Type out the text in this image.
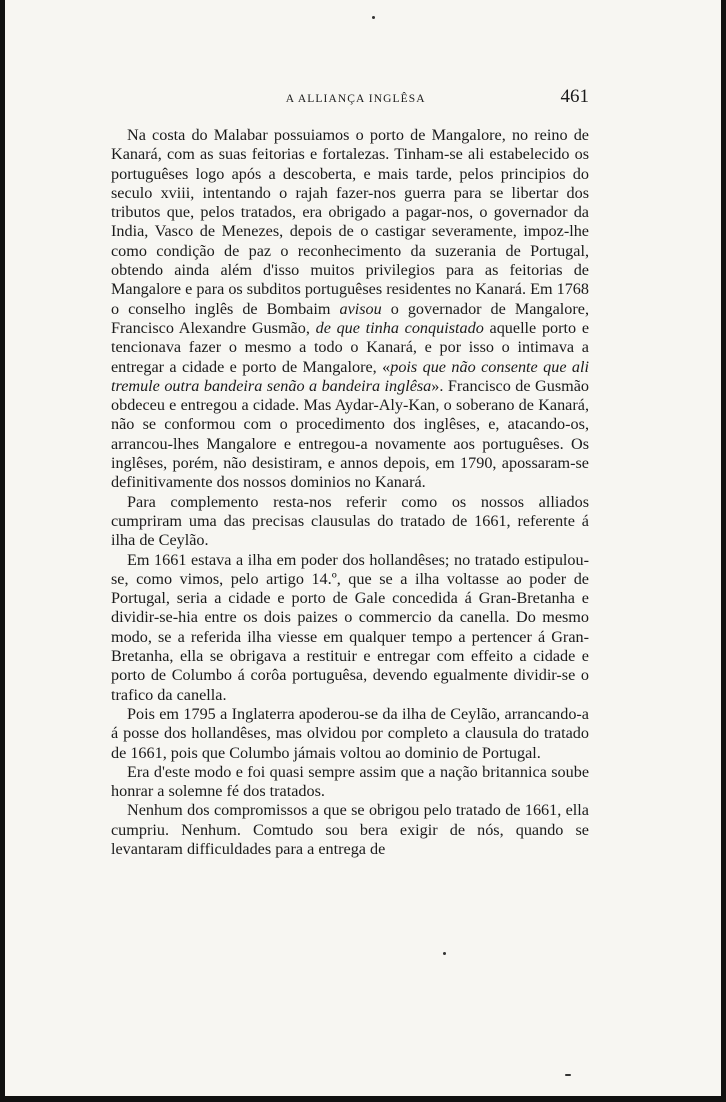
A ALLIANÇA INGLÊSA	461

Na costa do Malabar possuiamos o porto de Mangalore, no reino de Kanará, com as suas feitorias e fortalezas. Tinham-se ali estabelecido os portuguêses logo após a descoberta, e mais tarde, pelos principios do seculo xviii, intentando o rajah fazer-nos guerra para se libertar dos tributos que, pelos tratados, era obrigado a pagar-nos, o governador da India, Vasco de Menezes, depois de o castigar severamente, impoz-lhe como condição de paz o reconhecimento da suzerania de Portugal, obtendo ainda além d'isso muitos privilegios para as feitorias de Mangalore e para os subditos portuguêses residentes no Kanará. Em 1768 o conselho inglês de Bombaim avisou o governador de Mangalore, Francisco Alexandre Gusmão, de que tinha conquistado aquelle porto e tencionava fazer o mesmo a todo o Kanará, e por isso o intimava a entregar a cidade e porto de Mangalore, «pois que não consente que ali tremule outra bandeira senão a bandeira inglêsa». Francisco de Gusmão obdeceu e entregou a cidade. Mas Aydar-Aly-Kan, o soberano de Kanará, não se conformou com o procedimento dos inglêses, e, atacando-os, arrancou-lhes Mangalore e entregou-a novamente aos portuguêses. Os inglêses, porém, não desistiram, e annos depois, em 1790, apossaram-se definitivamente dos nossos dominios no Kanará.

Para complemento resta-nos referir como os nossos alliados cumpriram uma das precisas clausulas do tratado de 1661, referente á ilha de Ceylão.

Em 1661 estava a ilha em poder dos hollandêses; no tratado estipulou-se, como vimos, pelo artigo 14.º, que se a ilha voltasse ao poder de Portugal, seria a cidade e porto de Gale concedida á Gran-Bretanha e dividir-se-hia entre os dois paizes o commercio da canella. Do mesmo modo, se a referida ilha viesse em qualquer tempo a pertencer á Gran-Bretanha, ella se obrigava a restituir e entregar com effeito a cidade e porto de Columbo á corôa portuguêsa, devendo egualmente dividir-se o trafico da canella.

Pois em 1795 a Inglaterra apoderou-se da ilha de Ceylão, arrancando-a á posse dos hollandêses, mas olvidou por completo a clausula do tratado de 1661, pois que Columbo jámais voltou ao dominio de Portugal.

Era d'este modo e foi quasi sempre assim que a nação britannica soube honrar a solemne fé dos tratados.

Nenhum dos compromissos a que se obrigou pelo tratado de 1661, ella cumpriu. Nenhum. Comtudo sou bera exigir de nós, quando se levantaram difficuldades para a entrega de
